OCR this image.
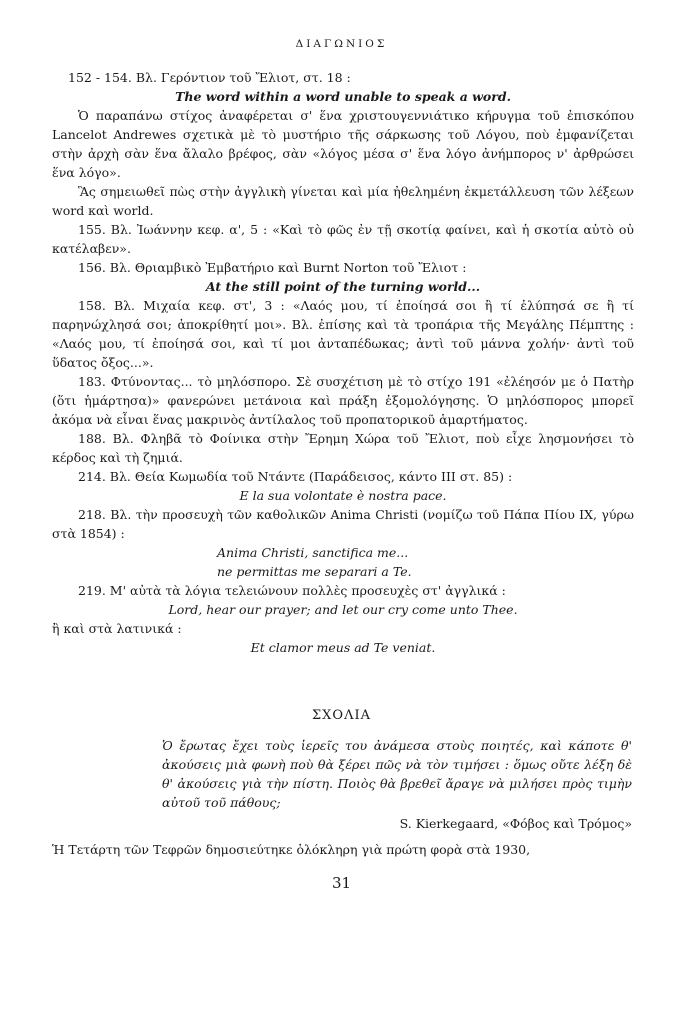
ΔΙΑΓΩΝΙΟΣ

152 - 154. Βλ. Γερόντιον τοῦ Ἔλιοτ, στ. 18 :

The word within a word unable to speak a word.

Ὁ παραπάνω στίχος ἀναφέρεται σ' ἕνα χριστουγεννιάτικο κήρυγμα τοῦ ἐπισκόπου Lancelot Andrewes σχετικὰ μὲ τὸ μυστήριο τῆς σάρκωσης τοῦ Λόγου, ποὺ ἐμφανίζεται στὴν ἀρχὴ σὰν ἕνα ἄλαλο βρέφος, σὰν «λόγος μέσα σ' ἕνα λόγο ἀνήμπορος ν' ἀρθρώσει ἕνα λόγο».

Ἃς σημειωθεῖ πὼς στὴν ἀγγλικὴ γίνεται καὶ μία ἠθελημένη ἐκμετάλλευση τῶν λέξεων word καὶ world.

155. Βλ. Ἰωάννην κεφ. α', 5 : «Καὶ τὸ φῶς ἐν τῇ σκοτίᾳ φαίνει, καὶ ἡ σκοτία αὐτὸ οὐ κατέλαβεν».

156. Βλ. Θριαμβικὸ Ἐμβατήριο καὶ Burnt Norton τοῦ Ἔλιοτ :

At the still point of the turning world...

158. Βλ. Μιχαία κεφ. στ', 3 : «Λαός μου, τί ἐποίησά σοι ἢ τί ἐλύπησά σε ἢ τί παρηνώχλησά σοι; ἀποκρίθητί μοι». Βλ. ἐπίσης καὶ τὰ τροπάρια τῆς Μεγάλης Πέμπτης : «Λαός μου, τί ἐποίησά σοι, καὶ τί μοι ἀνταπέδωκας; ἀντὶ τοῦ μάννα χολήν· ἀντὶ τοῦ ὕδατος ὄξος...».

183. Φτύνοντας... τὸ μηλόσπορο. Σὲ συσχέτιση μὲ τὸ στίχο 191 «ἐλέησόν με ὁ Πατὴρ (ὅτι ἡμάρτησα)» φανερώνει μετάνοια καὶ πράξη ἐξομολόγησης. Ὁ μηλόσπορος μπορεῖ ἀκόμα νὰ εἶναι ἕνας μακρινὸς ἀντίλαλος τοῦ προπατορικοῦ ἁμαρτήματος.

188. Βλ. Φληβᾶ τὸ Φοίνικα στὴν Ἔρημη Χώρα τοῦ Ἔλιοτ, ποὺ εἶχε λησμονήσει τὸ κέρδος καὶ τὴ ζημιά.

214. Βλ. Θεία Κωμωδία τοῦ Ντάντε (Παράδεισος, κάντο ΙΙΙ στ. 85) :

E la sua volontate è nostra pace.

218. Βλ. τὴν προσευχὴ τῶν καθολικῶν Anima Christi (νομίζω τοῦ Πάπα Πίου IX, γύρω στὰ 1854) :

Anima Christi, sanctifica me...

ne permittas me separari a Te.

219. Μ' αὐτὰ τὰ λόγια τελειώνουν πολλὲς προσευχὲς στ' ἀγγλικά :

Lord, hear our prayer; and let our cry come unto Thee.

ἢ καὶ στὰ λατινικά :

Et clamor meus ad Te veniat.

ΣΧΟΛΙΑ

Ὁ ἔρωτας ἔχει τοὺς ἱερεῖς του ἀνάμεσα στοὺς ποιητές, καὶ κάποτε θ' ἀκούσεις μιὰ φωνὴ ποὺ θὰ ξέρει πῶς νὰ τὸν τιμήσει : ὅμως οὔτε λέξη δὲ θ' ἀκούσεις γιὰ τὴν πίστη. Ποιὸς θὰ βρεθεῖ ἄραγε νὰ μιλήσει πρὸς τιμὴν αὐτοῦ τοῦ πάθους;

S. Kierkegaard, «Φόβος καὶ Τρόμος»
Ἡ Τετάρτη τῶν Τεφρῶν δημοσιεύτηκε ὁλόκληρη γιὰ πρώτη φορὰ στὰ 1930,
31
